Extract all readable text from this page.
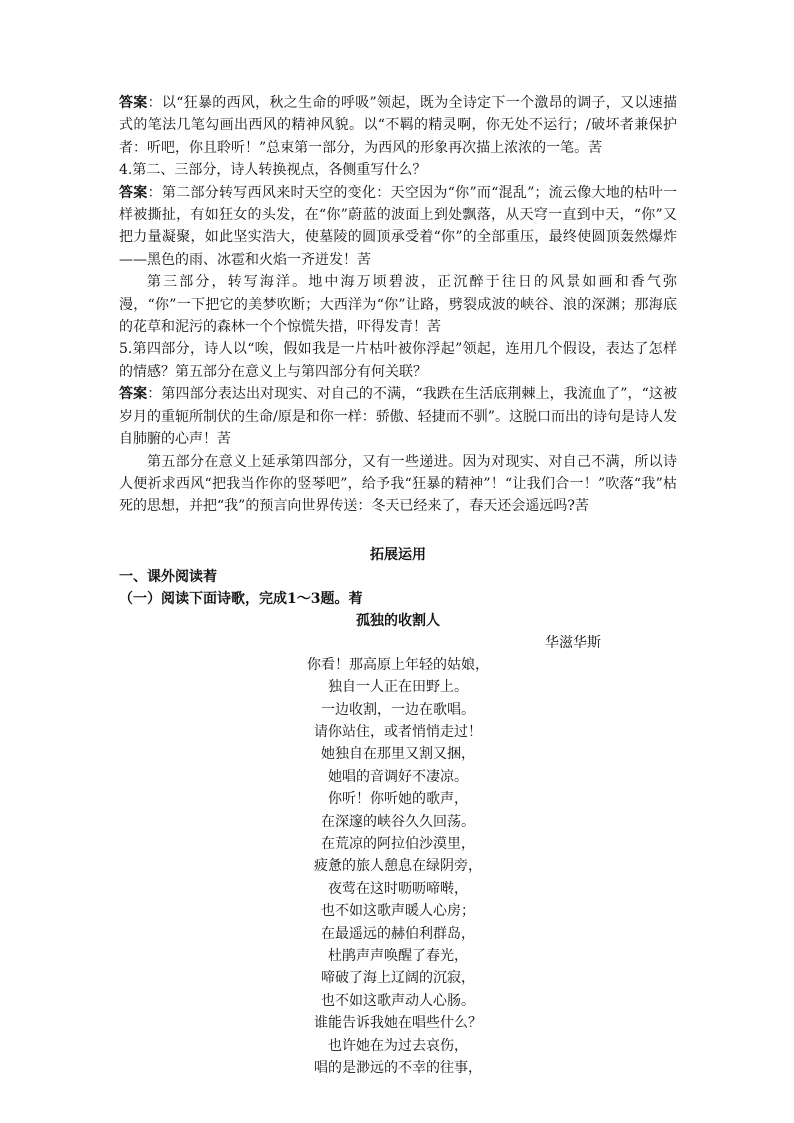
答案：以“狂暴的西风，秋之生命的呼吸”领起，既为全诗定下一个激昂的调子，又以速描式的笔法几笔勾画出西风的精神风貌。以“不羁的精灵啊，你无处不运行；/破坏者兼保护者：听吧，你且聆听！”总束第一部分，为西风的形象再次描上浓浓的一笔。䒷

4.第二、三部分，诗人转换视点，各侧重写什么？

答案：第二部分转写西风来时天空的变化：天空因为“你”而“混乱”；流云像大地的枯叶一样被撕扯，有如狂女的头发，在“你”蔚蓝的波面上到处飘落，从天穹一直到中天，“你”又把力量凝聚，如此坚实浩大，使墓陵的圆顶承受着“你”的全部重压，最终使圆顶轰然爆炸——黑色的雨、冰雹和火焰一齐迸发！䒷

第三部分，转写海洋。地中海万顷碧波，正沉醉于往日的风景如画和香气弥漫，“你”一下把它的美梦吹断；大西洋为“你”让路，劈裂成波的峡谷、浪的深渊；那海底的花草和泥污的森林一个个惊慌失措，吓得发青！䒷

5.第四部分，诗人以“唉，假如我是一片枯叶被你浮起”领起，连用几个假设，表达了怎样的情感？第五部分在意义上与第四部分有何关联？

答案：第四部分表达出对现实、对自己的不满，“我跌在生活底荆棘上，我流血了”，“这被岁月的重轭所制伏的生命/原是和你一样：骄傲、轻捷而不驯”。这脱口而出的诗句是诗人发自肺腑的心声！䒷

第五部分在意义上延承第四部分，又有一些递进。因为对现实、对自己不满，所以诗人便祈求西风“把我当作你的竖琴吧”，给予我“狂暴的精神”！“让我们合一！”吹落“我”枯死的思想，并把“我”的预言向世界传送：冬天已经来了，春天还会遥远吗?䒷

拓展运用

一、课外阅读䒴

（一）阅读下面诗歌，完成1～3题。䒴

孤独的收割人

华滋华斯

你看！那高原上年轻的姑娘，
独自一人正在田野上。
一边收割，一边在歌唱。
请你站住，或者悄悄走过！
她独自在那里又割又捆，
她唱的音调好不凄凉。
你听！你听她的歌声，
在深邃的峡谷久久回荡。
在荒凉的阿拉伯沙漠里，
疲惫的旅人憩息在绿阴旁，
夜莺在这时呖呖啼啭，
也不如这歌声暖人心房；
在最遥远的赫伯利群岛，
杜鹃声声唤醒了春光，
啼破了海上辽阔的沉寂，
也不如这歌声动人心肠。
谁能告诉我她在唱些什么？
也许她在为过去哀伤，
唱的是渺远的不幸的往事，
